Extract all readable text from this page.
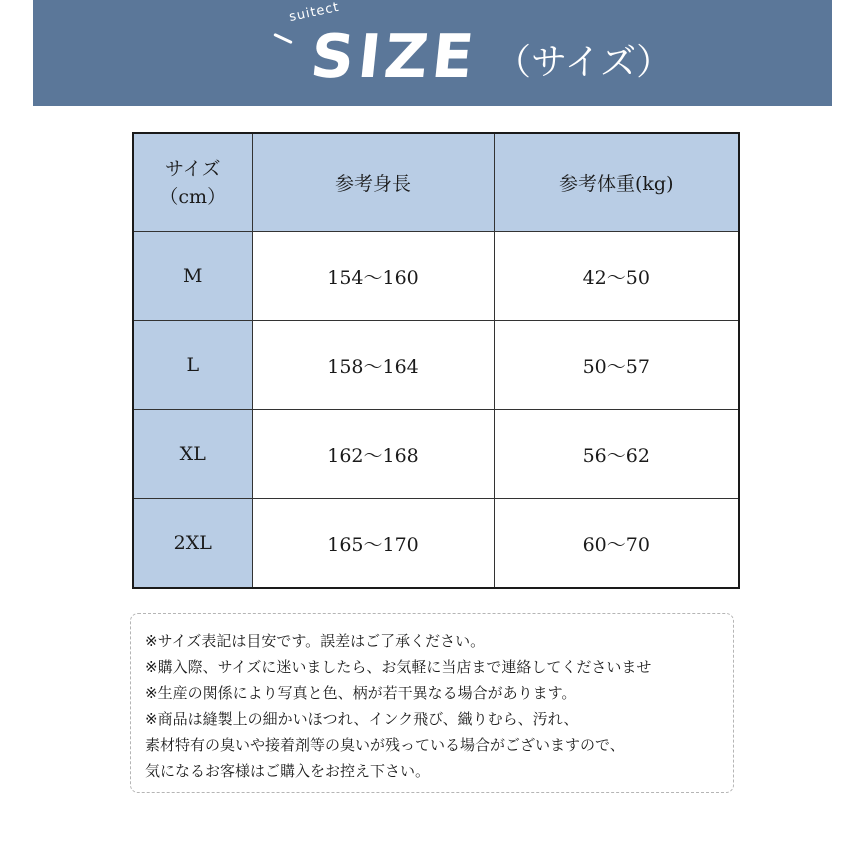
suitect
SIZE （サイズ）
サイズ
（cm）	参考身長	参考体重(kg)
M	154～160	42～50
L	158～164	50～57
XL	162～168	56～62
2XL	165～170	60～70
※サイズ表記は目安です。誤差はご了承ください。
※購入際、サイズに迷いましたら、お気軽に当店まで連絡してくださいませ
※生産の関係により写真と色、柄が若干異なる場合があります。
※商品は縫製上の細かいほつれ、インク飛び、織りむら、汚れ、
素材特有の臭いや接着剤等の臭いが残っている場合がございますので、
気になるお客様はご購入をお控え下さい。
